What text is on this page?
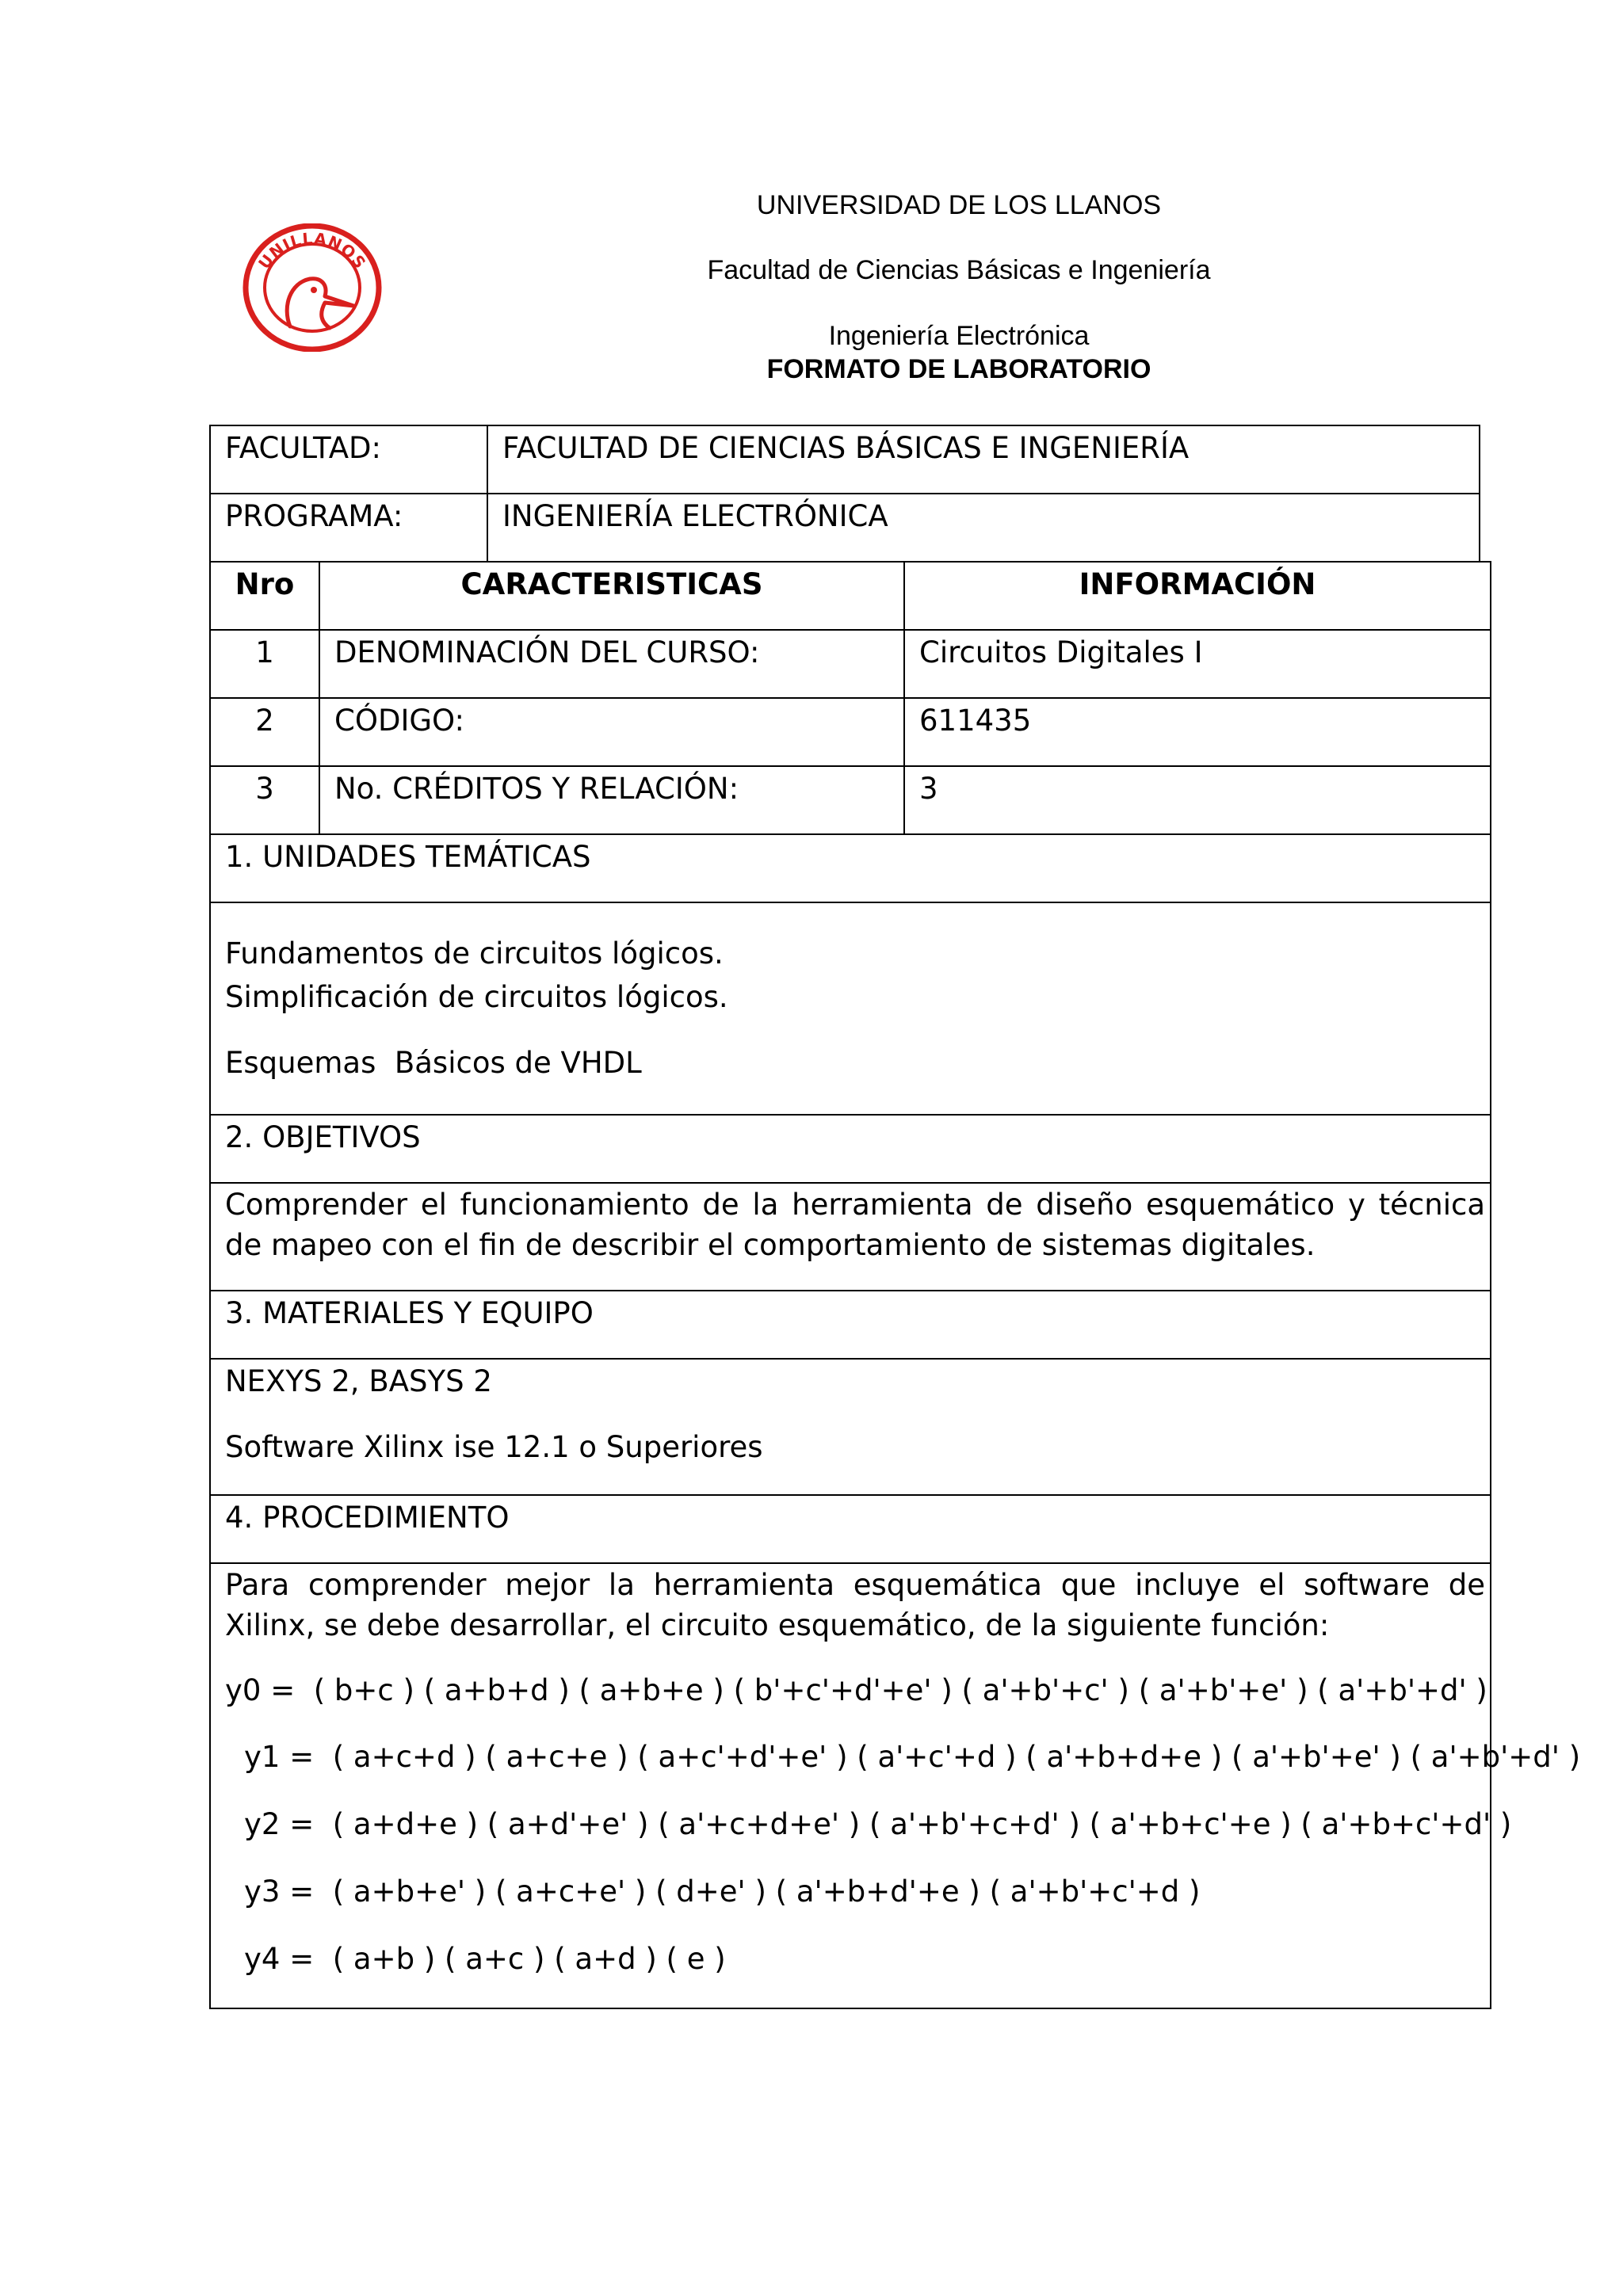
UNIVERSIDAD DE LOS LLANOS
Facultad de Ciencias Básicas e Ingeniería
Ingeniería Electrónica
FORMATO DE LABORATORIO
UNILLANOS
FACULTAD:	FACULTAD DE CIENCIAS BÁSICAS E INGENIERÍA
PROGRAMA:	INGENIERÍA ELECTRÓNICA
Nro	CARACTERISTICAS	INFORMACIÓN
1	DENOMINACIÓN DEL CURSO:	Circuitos Digitales I
2	CÓDIGO:	611435
3	No. CRÉDITOS Y RELACIÓN:	3
1. UNIDADES TEMÁTICAS
Fundamentos de circuitos lógicos.
Simplificación de circuitos lógicos.
Esquemas  Básicos de VHDL
2. OBJETIVOS
Comprender el funcionamiento de la herramienta de diseño esquemático y técnica de mapeo con el fin de describir el comportamiento de sistemas digitales.
3. MATERIALES Y EQUIPO
NEXYS 2, BASYS 2
Software Xilinx ise 12.1 o Superiores
4. PROCEDIMIENTO
Para comprender mejor la herramienta esquemática que incluye el software de Xilinx, se debe desarrollar, el circuito esquemático, de la siguiente función:
y0 =  ( b+c ) ( a+b+d ) ( a+b+e ) ( b'+c'+d'+e' ) ( a'+b'+c' ) ( a'+b'+e' ) ( a'+b'+d' )
y1 =  ( a+c+d ) ( a+c+e ) ( a+c'+d'+e' ) ( a'+c'+d ) ( a'+b+d+e ) ( a'+b'+e' ) ( a'+b'+d' )
y2 =  ( a+d+e ) ( a+d'+e' ) ( a'+c+d+e' ) ( a'+b'+c+d' ) ( a'+b+c'+e ) ( a'+b+c'+d' )
y3 =  ( a+b+e' ) ( a+c+e' ) ( d+e' ) ( a'+b+d'+e ) ( a'+b'+c'+d )
y4 =  ( a+b ) ( a+c ) ( a+d ) ( e )
